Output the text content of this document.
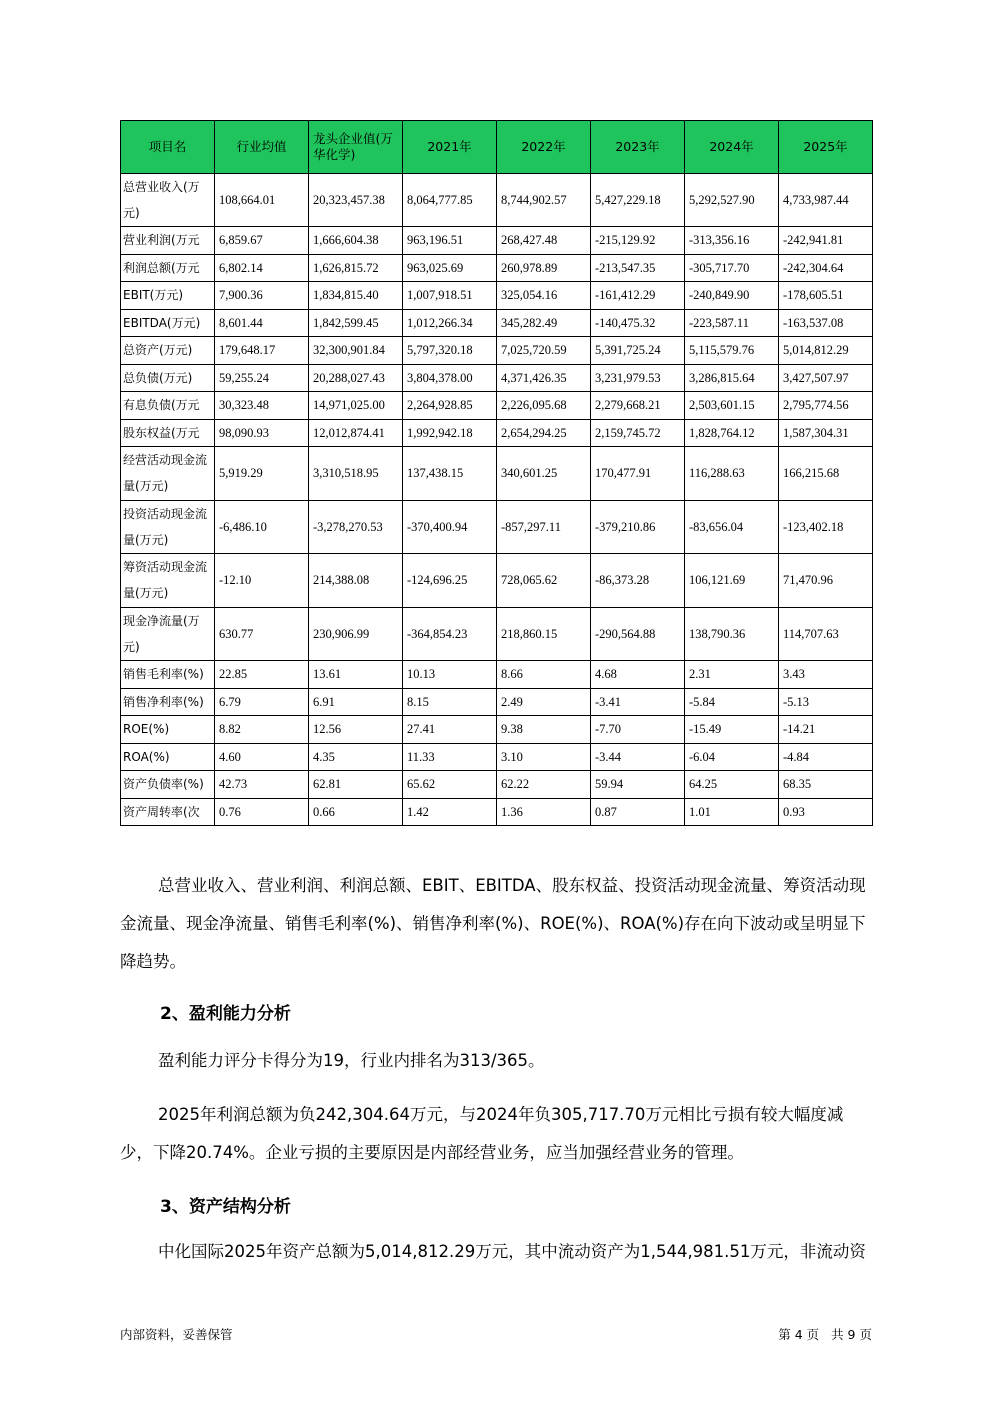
项目名	行业均值	龙头企业值(万华化学)	2021年	2022年	2023年	2024年	2025年
总营业收入(万元)	108,664.01	20,323,457.38	8,064,777.85	8,744,902.57	5,427,229.18	5,292,527.90	4,733,987.44
营业利润(万元	6,859.67	1,666,604.38	963,196.51	268,427.48	-215,129.92	-313,356.16	-242,941.81
利润总额(万元	6,802.14	1,626,815.72	963,025.69	260,978.89	-213,547.35	-305,717.70	-242,304.64
EBIT(万元)	7,900.36	1,834,815.40	1,007,918.51	325,054.16	-161,412.29	-240,849.90	-178,605.51
EBITDA(万元)	8,601.44	1,842,599.45	1,012,266.34	345,282.49	-140,475.32	-223,587.11	-163,537.08
总资产(万元)	179,648.17	32,300,901.84	5,797,320.18	7,025,720.59	5,391,725.24	5,115,579.76	5,014,812.29
总负债(万元)	59,255.24	20,288,027.43	3,804,378.00	4,371,426.35	3,231,979.53	3,286,815.64	3,427,507.97
有息负债(万元	30,323.48	14,971,025.00	2,264,928.85	2,226,095.68	2,279,668.21	2,503,601.15	2,795,774.56
股东权益(万元	98,090.93	12,012,874.41	1,992,942.18	2,654,294.25	2,159,745.72	1,828,764.12	1,587,304.31
经营活动现金流量(万元)	5,919.29	3,310,518.95	137,438.15	340,601.25	170,477.91	116,288.63	166,215.68
投资活动现金流量(万元)	-6,486.10	-3,278,270.53	-370,400.94	-857,297.11	-379,210.86	-83,656.04	-123,402.18
筹资活动现金流量(万元)	-12.10	214,388.08	-124,696.25	728,065.62	-86,373.28	106,121.69	71,470.96
现金净流量(万元)	630.77	230,906.99	-364,854.23	218,860.15	-290,564.88	138,790.36	114,707.63
销售毛利率(%)	22.85	13.61	10.13	8.66	4.68	2.31	3.43
销售净利率(%)	6.79	6.91	8.15	2.49	-3.41	-5.84	-5.13
ROE(%)	8.82	12.56	27.41	9.38	-7.70	-15.49	-14.21
ROA(%)	4.60	4.35	11.33	3.10	-3.44	-6.04	-4.84
资产负债率(%)	42.73	62.81	65.62	62.22	59.94	64.25	68.35
资产周转率(次	0.76	0.66	1.42	1.36	0.87	1.01	0.93

总营业收入、营业利润、利润总额、EBIT、EBITDA、股东权益、投资活动现金流量、筹资活动现金流量、现金净流量、销售毛利率(%)、销售净利率(%)、ROE(%)、ROA(%)存在向下波动或呈明显下降趋势。

2、盈利能力分析

盈利能力评分卡得分为19，行业内排名为313/365。

2025年利润总额为负242,304.64万元，与2024年负305,717.70万元相比亏损有较大幅度减少，下降20.74%。企业亏损的主要原因是内部经营业务，应当加强经营业务的管理。

3、资产结构分析

中化国际2025年资产总额为5,014,812.29万元，其中流动资产为1,544,981.51万元，非流动资

内部资料，妥善保管	第 4 页   共 9 页
